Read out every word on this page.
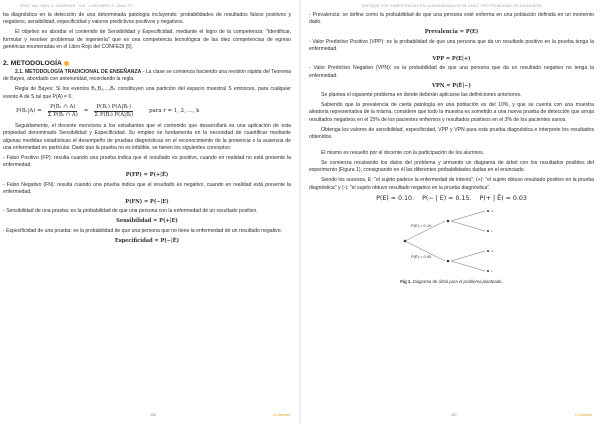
PROF. NAL GREL D. GUARDIAN · ING. J.UNCOMPRI C. ANALITO

ba diagnóstica en la detección de una determinada patología incluyendo: probabilidades de resultados falsos positivos y negativos, sensibilidad, especificidad y valores predictivos positivos y negativos.

El objetivo es abordar el contenido de Sensibilidad y Especificidad, mediante el logro de la competencia: "Identificar, formular y resolver problemas de ingeniería" que es una competencia tecnológica de las diez competencias de egreso genéricas enumeradas en el Libro Rojo del CONFEDI [5].

2. METODOLOGÍA

2.1. METODOLOGÍA TRADICIONAL DE ENSEÑANZA - La clase se comienza haciendo una revisión rápida del Teorema de Bayes, abordado con anterioridad, recordando la regla.

Regla de Bayes: Si los eventos B₁,B₂,...,Bₖ constituyen una partición del espacio muestral S entonces, para cualquier evento A de S tal que P(A) ≠ 0,

P(Bᵣ|A) = $\frac{\text{P(Bᵣ ∩ A)}}{\text{Σ P(Bᵢ ∩ A)}} = \frac{\text{P(Bᵣ) P(A|Bᵣ)}}{\text{Σ P(Bᵢ) P(A|Bᵢ)}}$	para r = 1, 2, ..., k

Seguidamente, el docente menciona a los estudiantes que el contenido que desarrollará es una aplicación de esta propiedad denominado Sensibilidad y Especificidad. Su empleo se fundamenta en la necesidad de cuantificar mediante algunas medidas estadísticas el desempeño de pruebas diagnósticas en el reconocimiento de la presencia o la ausencia de una enfermedad en particular. Dado que la prueba no es infalible, se tienen los siguientes conceptos:

- Falso Positivo (FP): resulta cuando una prueba indica que el resultado es positivo, cuando en realidad no está presente la enfermedad.

P(FP) = P(+|Ē)

- Falso Negativo (FN): resulta cuando una prueba indica que el resultado es negativo, cuando en realidad está presente la enfermedad.

P(FN) = P(−|E)

- Sensibilidad de una prueba: es la probabilidad de que una persona con la enfermedad dé un resultado positivo.

Sensibilidad = P(+|E)

- Especificidad de una prueba: es la probabilidad de que una persona que no tiene la enfermedad dé un resultado negativo.

Especificidad = P(−|Ē)
256	e-Ciencias
ENFOQUE POR COMPETENCIAS EN LA ENSEÑANZA DE UN CASO: TIPO PROBLEMAS EN INGENIERÍA

- Prevalencia: se define como la probabilidad de que una persona esté enferma en una población definida en un momento dado.

Prevalencia = P(E)

- Valor Predictivo Positivo (VPP): es la probabilidad de que una persona que da un resultado positivo en la prueba tenga la enfermedad.

VPP = P(E|+)

- Valor Predictivo Negativo (VPN): es la probabilidad de que una persona que da un resultado negativo no tenga la enfermedad.

VPN = P(Ē|−)

Se plantea el siguiente problema en donde deberán aplicarse las definiciones anteriores.

Sabiendo que la prevalencia de cierta patología en una población es del 10%, y que se cuenta con una muestra aleatoria representativa de la misma, considere que todo la muestra es sometido a una nueva prueba de detección que arroja resultados negativos en el 15% de los pacientes enfermos y resultados positivos en el 3% de los pacientes sanos.

Obtenga los valores de sensibilidad, especificidad, VPP y VPN para esta prueba diagnóstica e interprete los resultados obtenidos.

El mismo es resuelto por el docente con la participación de los alumnos.

Se comienza recabando los datos del problema y armando un diagrama de árbol con los resultados posibles del experimento (Figura 1), consignando en él las diferentes probabilidades dadas en el enunciado.

Siendo los sucesos, E: "el sujeto padece la enfermedad de interés"; (+): "el sujeto obtuvo resultado positivo en la prueba diagnóstica" y (-): "el sujeto obtuvo resultado negativo en la prueba diagnóstica".

P(E) = 0.10. P(− | E) = 0.15. P(+ | Ē) = 0.03
P(E) = 0.10
P(Ē) = 0.90
+
−
+
−
Fig 1. Diagrama de árbol para el problema planteado.
257	e-Ciencias
